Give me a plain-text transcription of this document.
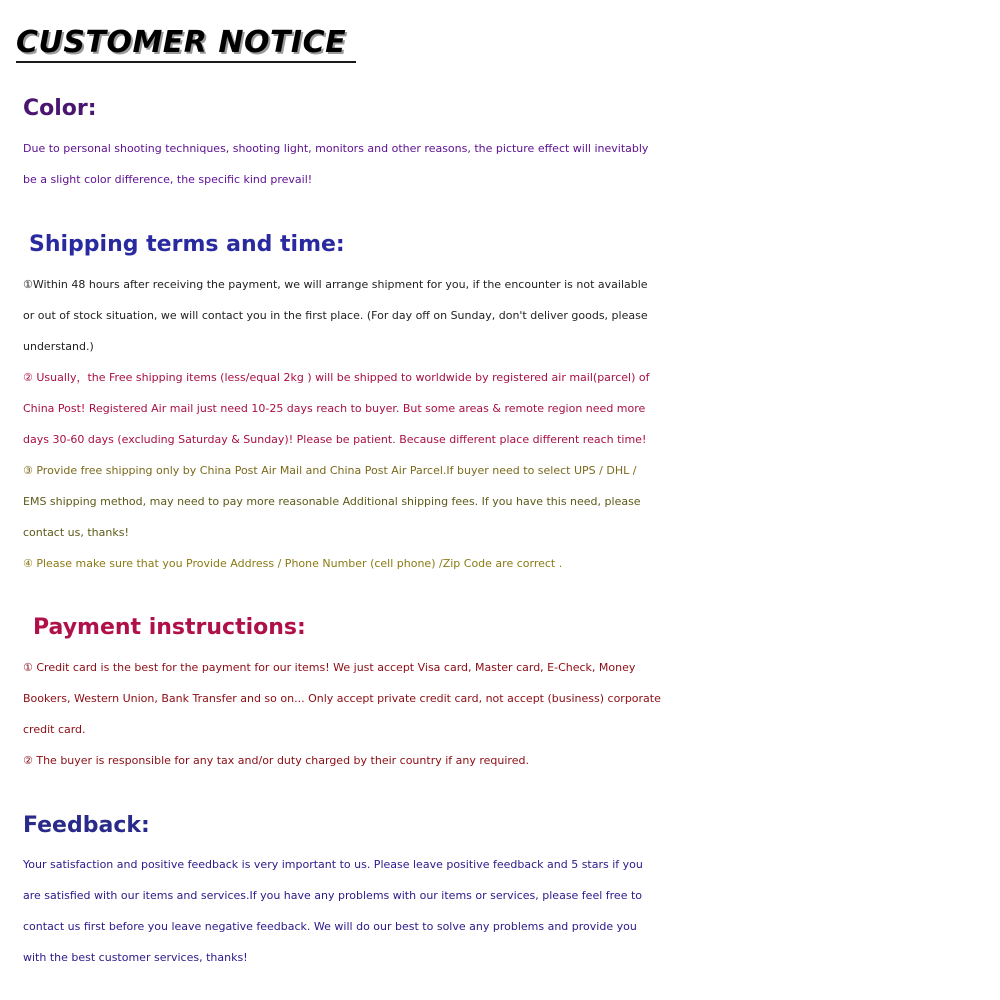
CUSTOMER NOTICE
Color:

Due to personal shooting techniques, shooting light, monitors and other reasons, the picture effect will inevitably

be a slight color difference, the specific kind prevail!

Shipping terms and time:

①Within 48 hours after receiving the payment, we will arrange shipment for you, if the encounter is not available

or out of stock situation, we will contact you in the first place. (For day off on Sunday, don't deliver goods, please

understand.)

② Usually，the Free shipping items (less/equal 2kg ) will be shipped to worldwide by registered air mail(parcel) of

China Post! Registered Air mail just need 10-25 days reach to buyer. But some areas & remote region need more

days 30-60 days (excluding Saturday & Sunday)! Please be patient. Because different place different reach time!

③ Provide free shipping only by China Post Air Mail and China Post Air Parcel.If buyer need to select UPS / DHL /

EMS shipping method, may need to pay more reasonable Additional shipping fees. If you have this need, please

contact us, thanks!

④ Please make sure that you Provide Address / Phone Number (cell phone) /Zip Code are correct .

Payment instructions:

① Credit card is the best for the payment for our items! We just accept Visa card, Master card, E-Check, Money

Bookers, Western Union, Bank Transfer and so on... Only accept private credit card, not accept (business) corporate

credit card.

② The buyer is responsible for any tax and/or duty charged by their country if any required.

Feedback:

Your satisfaction and positive feedback is very important to us. Please leave positive feedback and 5 stars if you

are satisfied with our items and services.If you have any problems with our items or services, please feel free to

contact us first before you leave negative feedback. We will do our best to solve any problems and provide you

with the best customer services, thanks!
